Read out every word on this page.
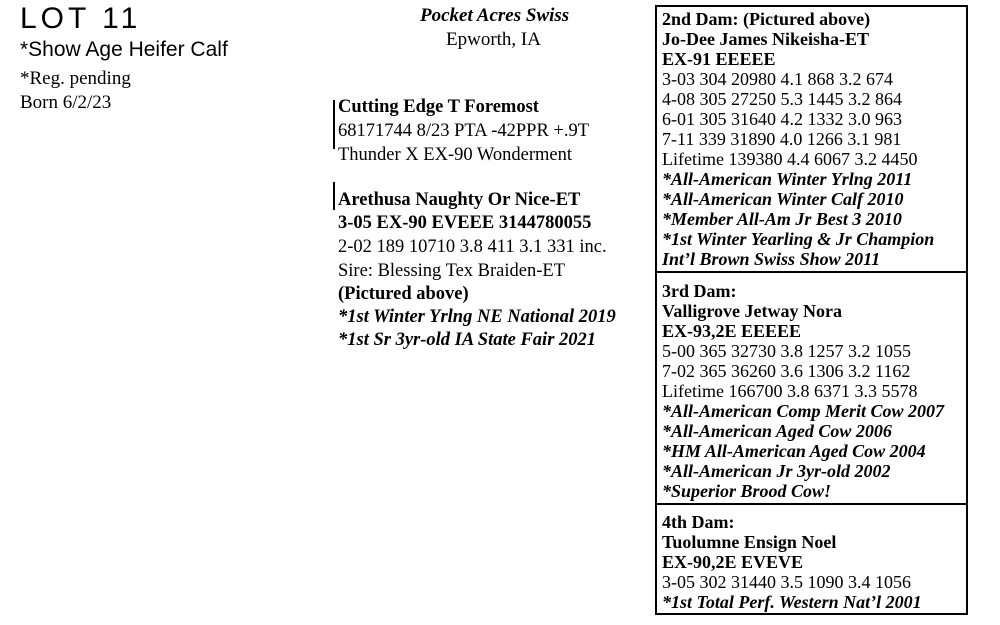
LOT 11
*Show Age Heifer Calf
*Reg. pending
Born 6/2/23
Pocket Acres Swiss
Epworth, IA
Cutting Edge T Foremost
68171744 8/23 PTA -42PPR +.9T
Thunder X EX-90 Wonderment
Arethusa Naughty Or Nice-ET
3-05 EX-90 EVEEE 3144780055
2-02 189 10710 3.8 411 3.1 331 inc.
Sire: Blessing Tex Braiden-ET
(Pictured above)
*1st Winter Yrlng NE National 2019
*1st Sr 3yr-old IA State Fair 2021
2nd Dam: (Pictured above)
Jo-Dee James Nikeisha-ET
EX-91 EEEEE
3-03 304 20980 4.1 868 3.2 674
4-08 305 27250 5.3 1445 3.2 864
6-01 305 31640 4.2 1332 3.0 963
7-11 339 31890 4.0 1266 3.1 981
Lifetime 139380 4.4 6067 3.2 4450
*All-American Winter Yrlng 2011
*All-American Winter Calf 2010
*Member All-Am Jr Best 3 2010
*1st Winter Yearling & Jr Champion
Int’l Brown Swiss Show 2011
3rd Dam:
Valligrove Jetway Nora
EX-93,2E EEEEE
5-00 365 32730 3.8 1257 3.2 1055
7-02 365 36260 3.6 1306 3.2 1162
Lifetime 166700 3.8 6371 3.3 5578
*All-American Comp Merit Cow 2007
*All-American Aged Cow 2006
*HM All-American Aged Cow 2004
*All-American Jr 3yr-old 2002
*Superior Brood Cow!
4th Dam:
Tuolumne Ensign Noel
EX-90,2E EVEVE
3-05 302 31440 3.5 1090 3.4 1056
*1st Total Perf. Western Nat’l 2001
